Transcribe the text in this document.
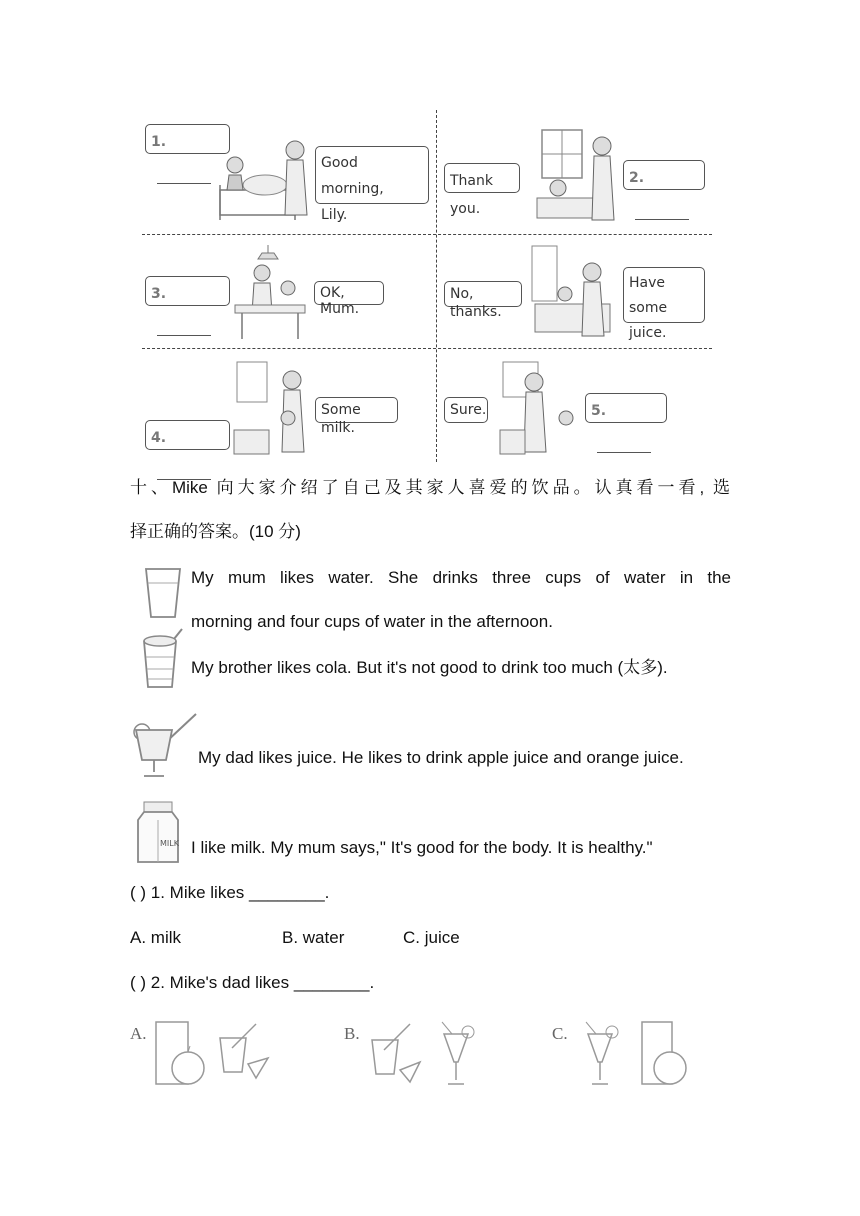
1.
Good morning,
Lily.
Thank you.
2.
3.	OK, Mum.
No, thanks.
Have some
juice.
Some milk.
4.
Sure.	5.
十、Mike 向大家介绍了自己及其家人喜爱的饮品。认真看一看, 选
择正确的答案。(10 分)
My mum likes water. She drinks three cups of water in the
morning and four cups of water in the afternoon.
My brother likes cola. But it's not good to drink too much (太多).
My dad likes juice. He likes to drink apple juice and orange juice.
MILK I like milk. My mum says," It's good for the body. It is healthy."
( ) 1. Mike likes ________.
A. milk	B. water	C. juice
( ) 2. Mike's dad likes ________.
A.	B.	C.
